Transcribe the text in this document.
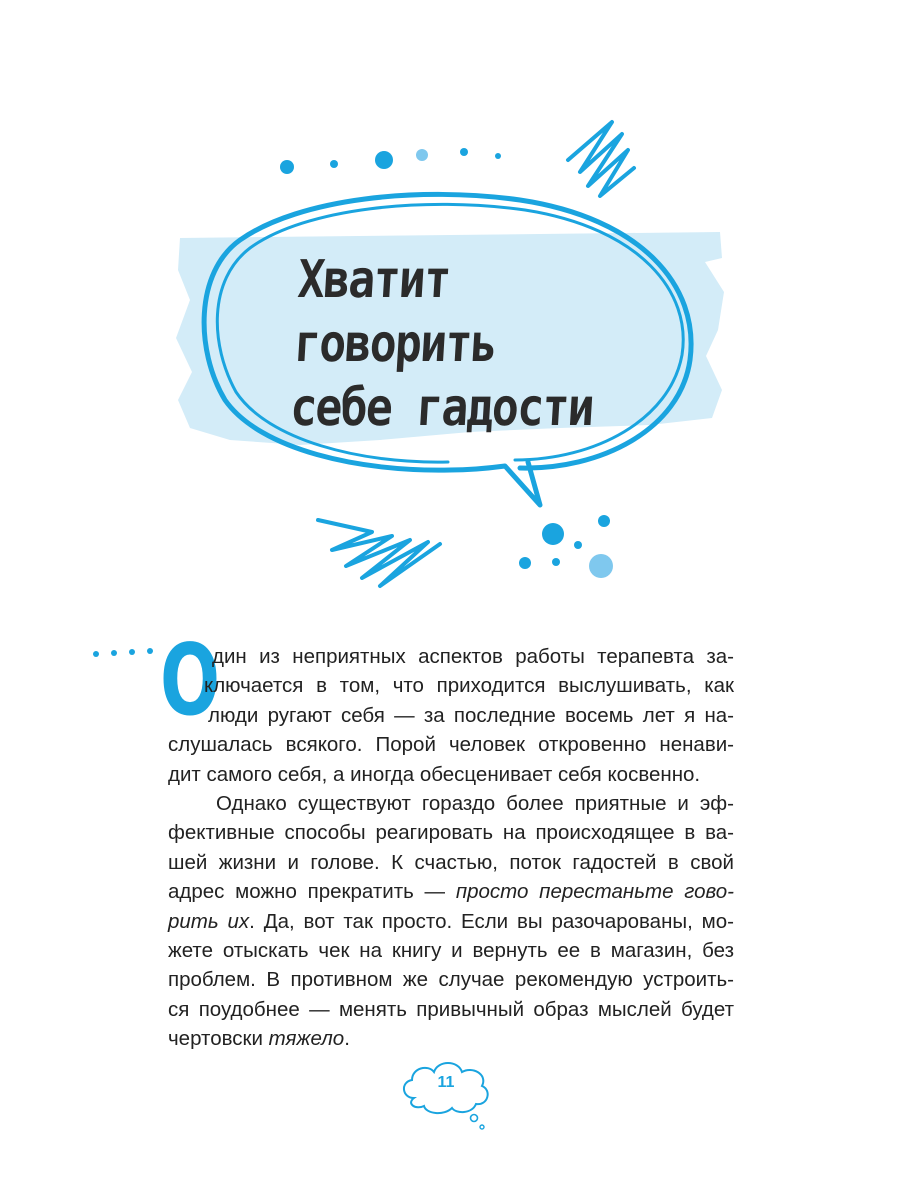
Хватит
говорить
себе гадости
О

дин из неприятных аспектов работы терапевта за-
ключается в том, что приходится выслушивать, как
люди ругают себя — за последние восемь лет я на-
слушалась всякого. Порой человек откровенно ненави-
дит самого себя, а иногда обесценивает себя косвенно.

Однако существуют гораздо более приятные и эф-
фективные способы реагировать на происходящее в ва-
шей жизни и голове. К счастью, поток гадостей в свой
адрес можно прекратить — просто перестаньте гово-
рить их. Да, вот так просто. Если вы разочарованы, мо-
жете отыскать чек на книгу и вернуть ее в магазин, без
проблем. В противном же случае рекомендую устроить-
ся поудобнее — менять привычный образ мыслей будет
чертовски тяжело.

11
